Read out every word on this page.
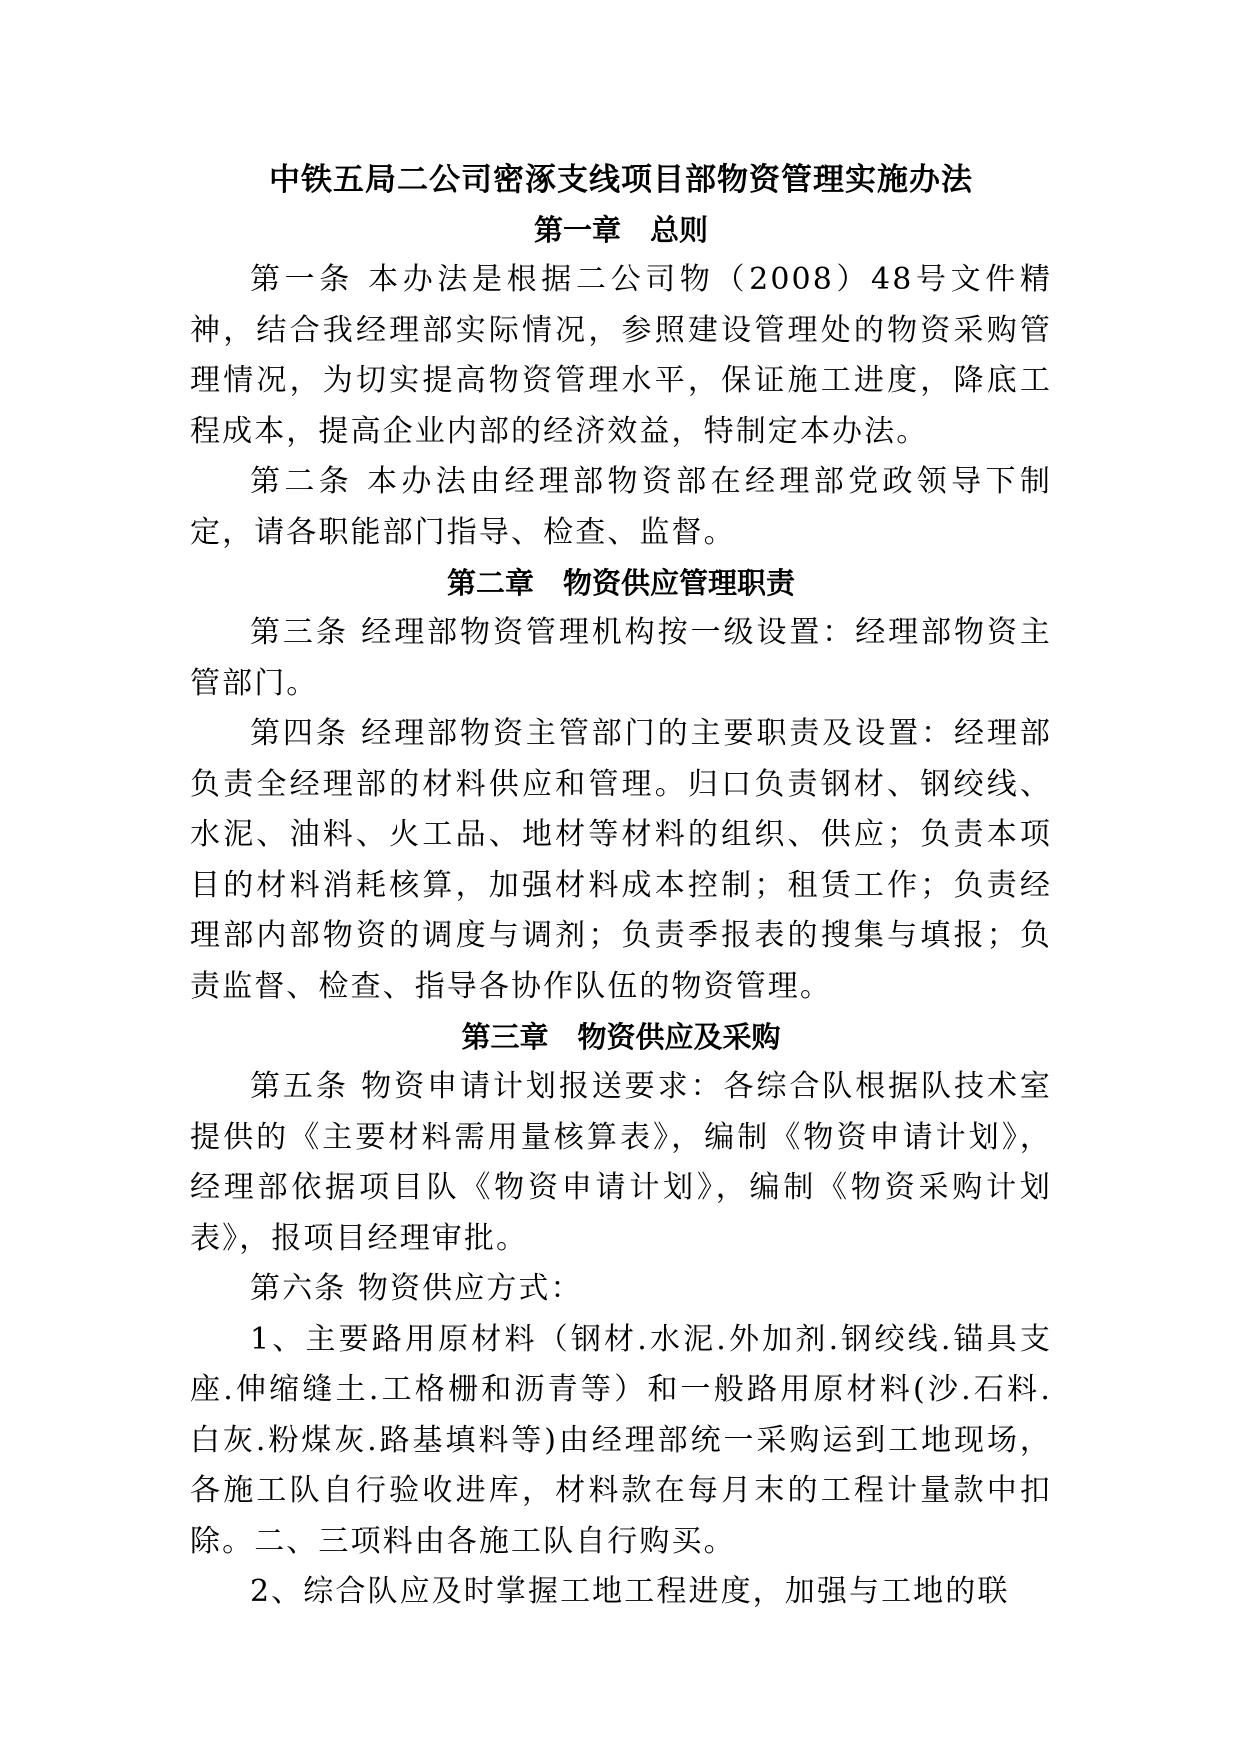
中铁五局二公司密涿支线项目部物资管理实施办法

第一章　总则

第一条 本办法是根据二公司物（2008）48号文件精神，结合我经理部实际情况，参照建设管理处的物资采购管理情况，为切实提高物资管理水平，保证施工进度，降底工程成本，提高企业内部的经济效益，特制定本办法。

第二条 本办法由经理部物资部在经理部党政领导下制定，请各职能部门指导、检查、监督。

第二章　物资供应管理职责

第三条 经理部物资管理机构按一级设置：经理部物资主管部门。

第四条 经理部物资主管部门的主要职责及设置：经理部负责全经理部的材料供应和管理。归口负责钢材、钢绞线、水泥、油料、火工品、地材等材料的组织、供应；负责本项目的材料消耗核算，加强材料成本控制；租赁工作；负责经理部内部物资的调度与调剂；负责季报表的搜集与填报；负责监督、检查、指导各协作队伍的物资管理。

第三章　物资供应及采购

第五条 物资申请计划报送要求：各综合队根据队技术室提供的《主要材料需用量核算表》，编制《物资申请计划》，经理部依据项目队《物资申请计划》，编制《物资采购计划表》，报项目经理审批。

第六条 物资供应方式：

1、主要路用原材料（钢材.水泥.外加剂.钢绞线.锚具支座.伸缩缝土.工格栅和沥青等）和一般路用原材料(沙.石料.白灰.粉煤灰.路基填料等)由经理部统一采购运到工地现场，各施工队自行验收进库，材料款在每月末的工程计量款中扣除。二、三项料由各施工队自行购买。

2、综合队应及时掌握工地工程进度，加强与工地的联
